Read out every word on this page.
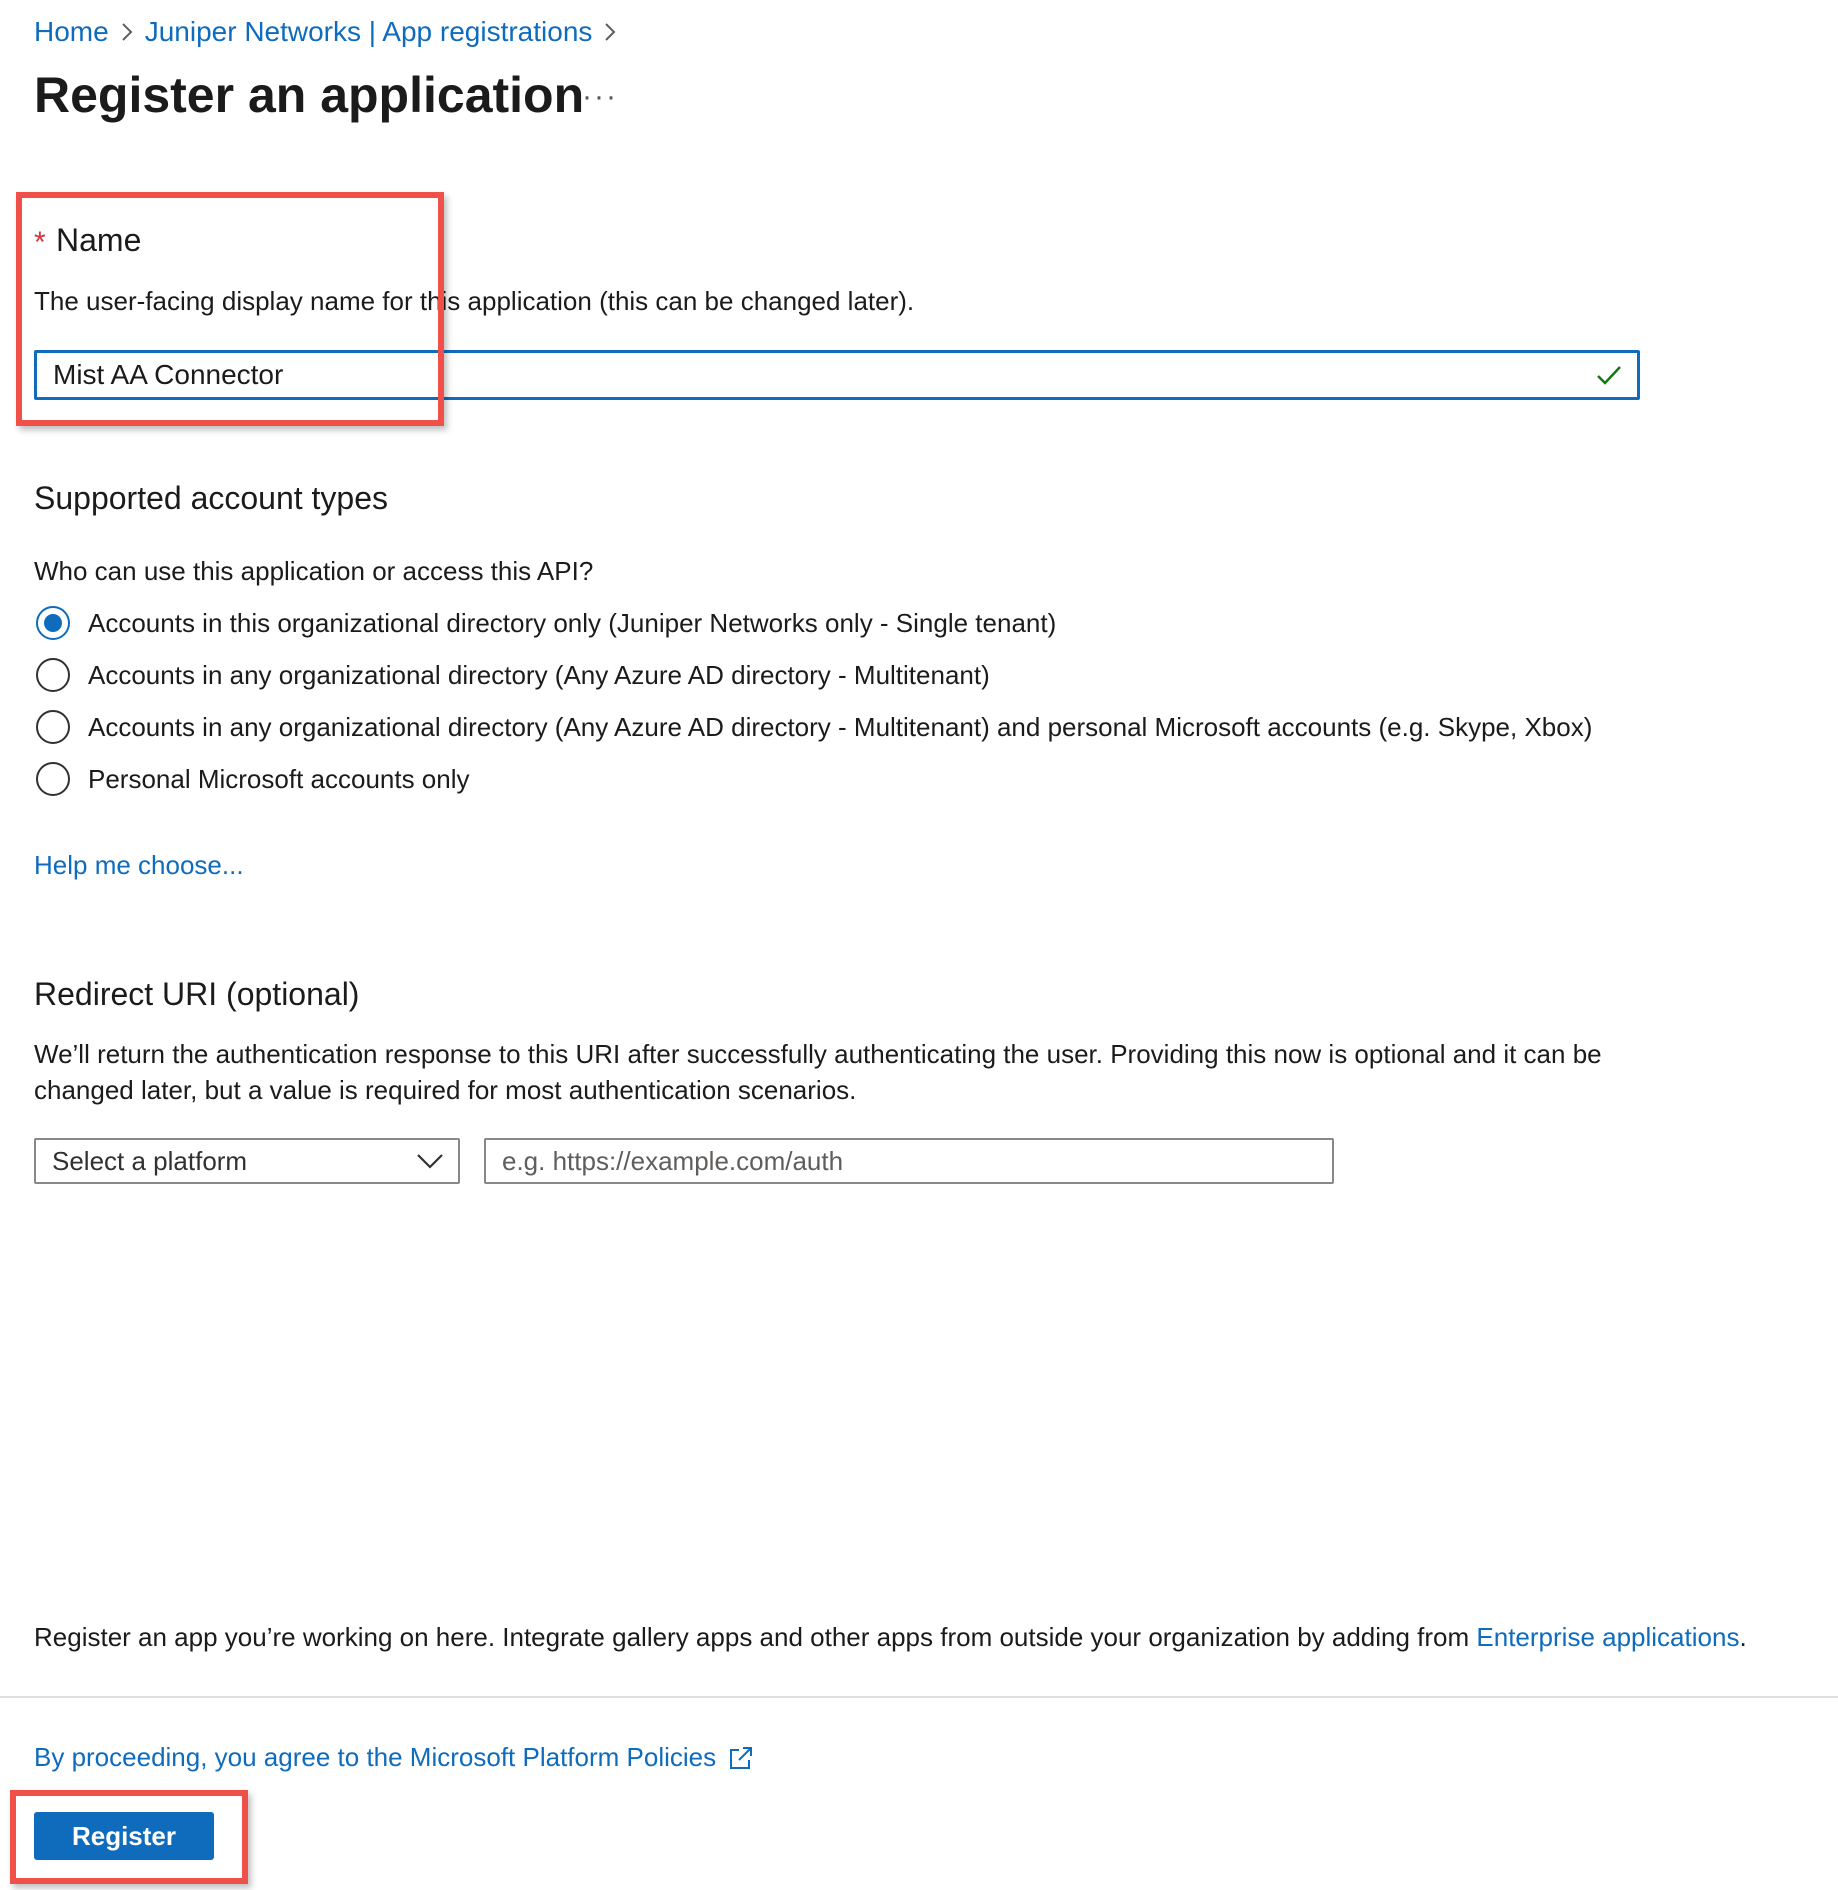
Home Juniper Networks | App registrations
Register an application
···
* Name
The user-facing display name for this application (this can be changed later).
Mist AA Connector
Supported account types
Who can use this application or access this API?
Accounts in this organizational directory only (Juniper Networks only - Single tenant)
Accounts in any organizational directory (Any Azure AD directory - Multitenant)
Accounts in any organizational directory (Any Azure AD directory - Multitenant) and personal Microsoft accounts (e.g. Skype, Xbox)
Personal Microsoft accounts only
Help me choose...
Redirect URI (optional)
We’ll return the authentication response to this URI after successfully authenticating the user. Providing this now is optional and it can be changed later, but a value is required for most authentication scenarios.
Select a platform
e.g. https://example.com/auth
Register an app you’re working on here. Integrate gallery apps and other apps from outside your organization by adding from Enterprise applications.
By proceeding, you agree to the Microsoft Platform Policies
Register
